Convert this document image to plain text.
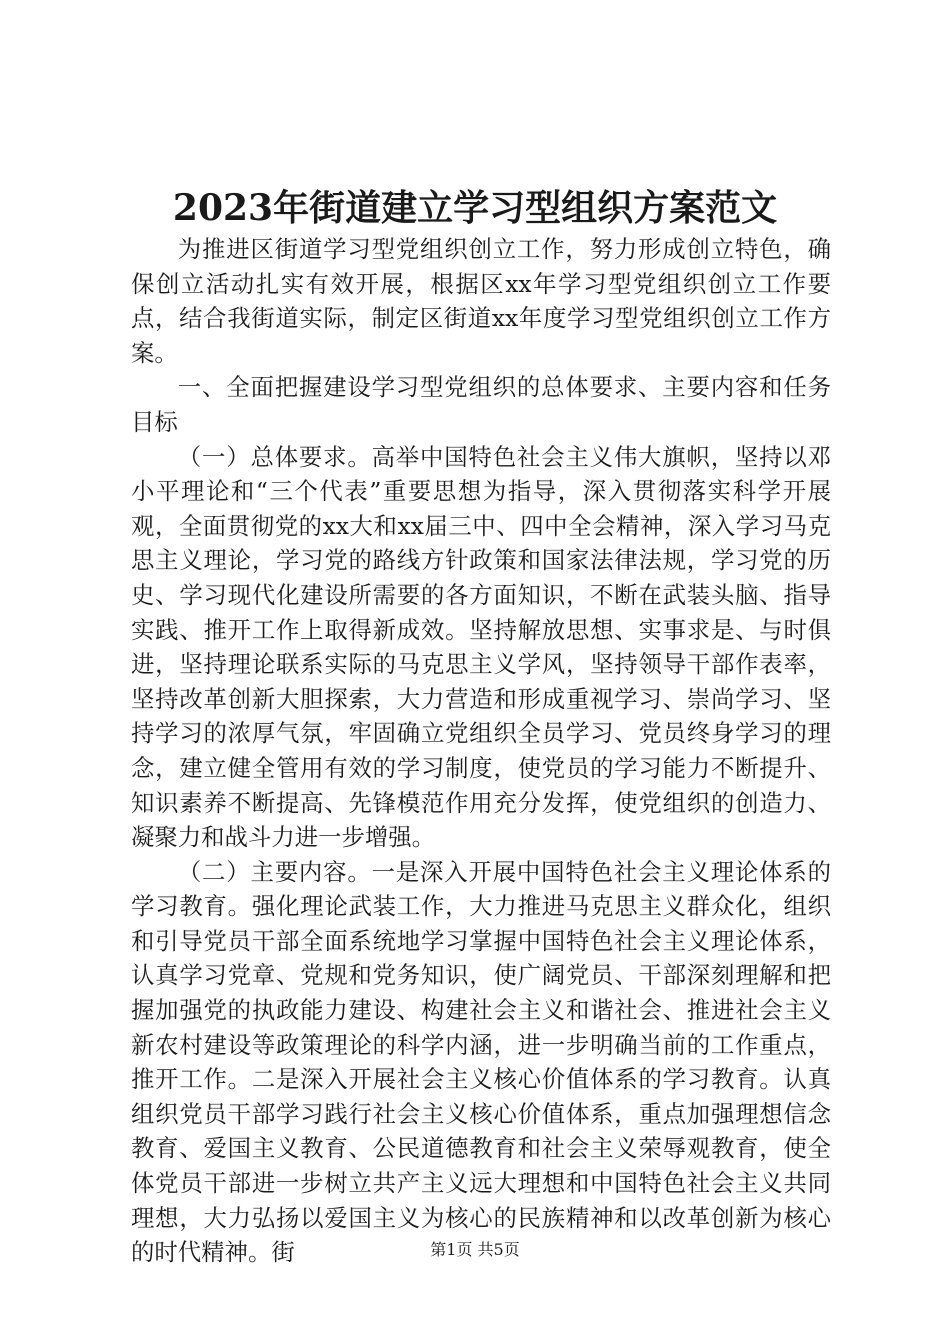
2023年街道建立学习型组织方案范文

为推进区街道学习型党组织创立工作，努力形成创立特色，确保创立活动扎实有效开展，根据区xx年学习型党组织创立工作要点，结合我街道实际，制定区街道xx年度学习型党组织创立工作方案。

一、全面把握建设学习型党组织的总体要求、主要内容和任务目标

（一）总体要求。高举中国特色社会主义伟大旗帜，坚持以邓小平理论和“三个代表”重要思想为指导，深入贯彻落实科学开展观，全面贯彻党的xx大和xx届三中、四中全会精神，深入学习马克思主义理论，学习党的路线方针政策和国家法律法规，学习党的历史、学习现代化建设所需要的各方面知识，不断在武装头脑、指导实践、推开工作上取得新成效。坚持解放思想、实事求是、与时俱进，坚持理论联系实际的马克思主义学风，坚持领导干部作表率，坚持改革创新大胆探索，大力营造和形成重视学习、崇尚学习、坚持学习的浓厚气氛，牢固确立党组织全员学习、党员终身学习的理念，建立健全管用有效的学习制度，使党员的学习能力不断提升、知识素养不断提高、先锋模范作用充分发挥，使党组织的创造力、凝聚力和战斗力进一步增强。

（二）主要内容。一是深入开展中国特色社会主义理论体系的学习教育。强化理论武装工作，大力推进马克思主义群众化，组织和引导党员干部全面系统地学习掌握中国特色社会主义理论体系，认真学习党章、党规和党务知识，使广阔党员、干部深刻理解和把握加强党的执政能力建设、构建社会主义和谐社会、推进社会主义新农村建设等政策理论的科学内涵，进一步明确当前的工作重点，推开工作。二是深入开展社会主义核心价值体系的学习教育。认真组织党员干部学习践行社会主义核心价值体系，重点加强理想信念教育、爱国主义教育、公民道德教育和社会主义荣辱观教育，使全体党员干部进一步树立共产主义远大理想和中国特色社会主义共同理想，大力弘扬以爱国主义为核心的民族精神和以改革创新为核心的时代精神。街	第1页 共5页
